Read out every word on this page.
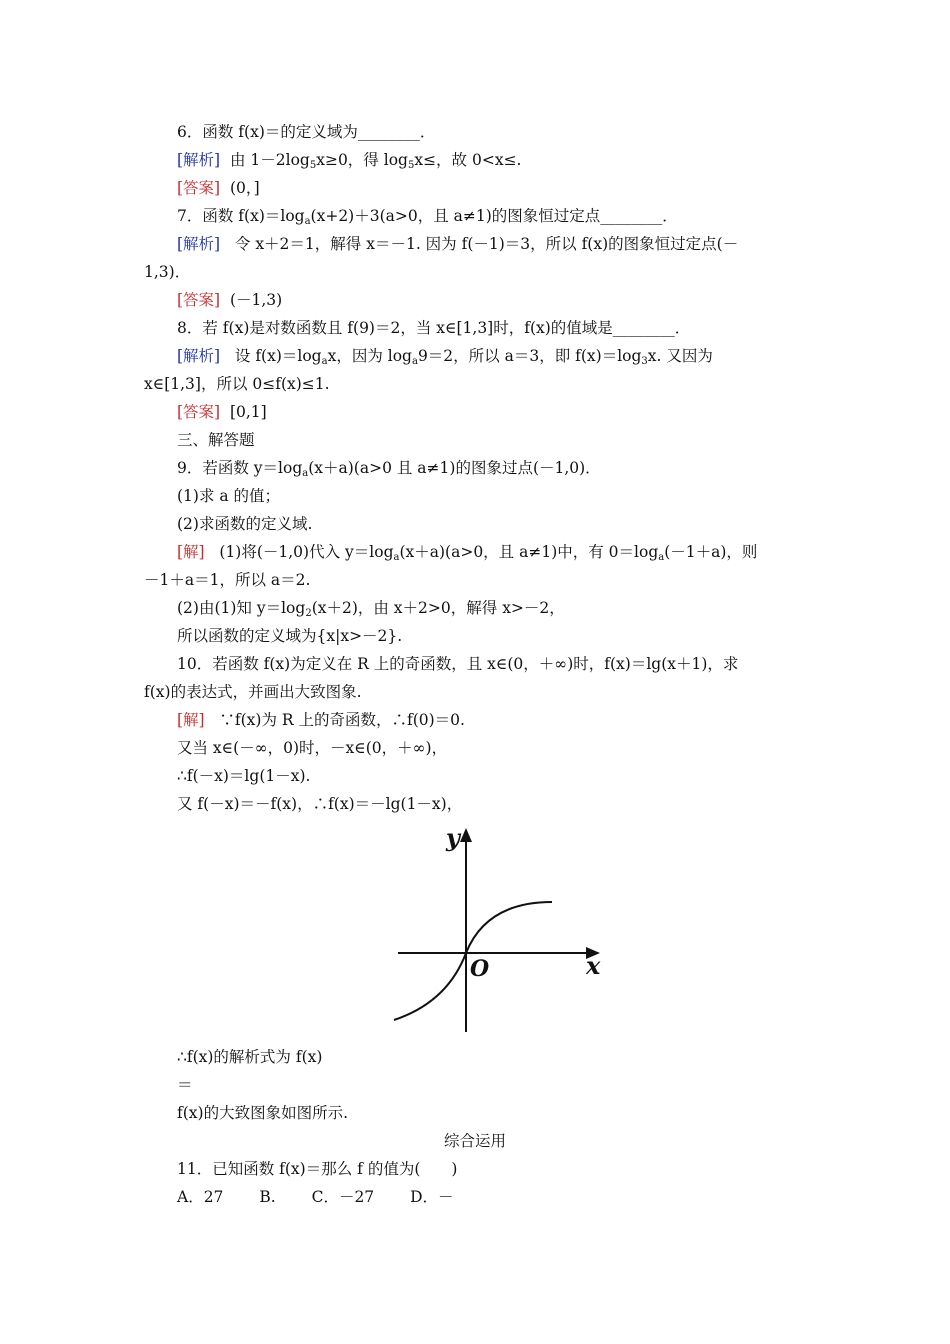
6．函数 f(x)＝的定义域为________．
[解析] 由 $1-2\log_5x\ge 0$，得 $\log_5x\le$，故 0<x≤.
[答案] (0，]
7．函数 $f(x)=\log_a(x+2)+3(a>0$，且 a≠1)的图象恒过定点________．
[解析] 令 x＋2＝1，解得 x＝－1. 因为 f(－1)＝3，所以 f(x)的图象恒过定点(－
1,3)．
[答案] (－1,3)
8．若 f(x)是对数函数且 f(9)＝2，当 x∈[1,3]时，f(x)的值域是________．
[解析] 设 $f(x)=\log_ax$，因为 $\log_a9=2$，所以 a＝3，即 $f(x)=\log_3x$. 又因为
x∈[1,3]，所以 0≤f(x)≤1.
[答案] [0,1]
三、解答题
9．若函数 $y=\log_a(x+a)(a>0$ 且 a≠1)的图象过点(－1,0)．
(1)求 a 的值；
(2)求函数的定义域.
[解] (1)将(－1,0)代入 $y=\log_a(x+a)(a>0$，且 a≠1)中，有 $0=\log_a(-1+a)$，则
－1＋a＝1，所以 a＝2.
(2)由(1)知 $y=\log_2(x+2)$，由 x＋2>0，解得 x>－2，
所以函数的定义域为{x|x>－2}.
10．若函数 f(x)为定义在 R 上的奇函数，且 x∈(0，＋∞)时，f(x)＝lg(x＋1)，求
f(x)的表达式，并画出大致图象.
[解] ∵f(x)为 R 上的奇函数，∴f(0)＝0.
又当 x∈(－∞，0)时，－x∈(0，＋∞)，
∴f(－x)＝lg(1－x).
又 f(－x)＝－f(x)，∴f(x)＝－lg(1－x)，
y
x
O
∴f(x)的解析式为 f(x)
＝
f(x)的大致图象如图所示.
综合运用
11．已知函数 f(x)＝那么 f 的值为(　　)
A．27　　 B.　　 C．－27　　 D．－
